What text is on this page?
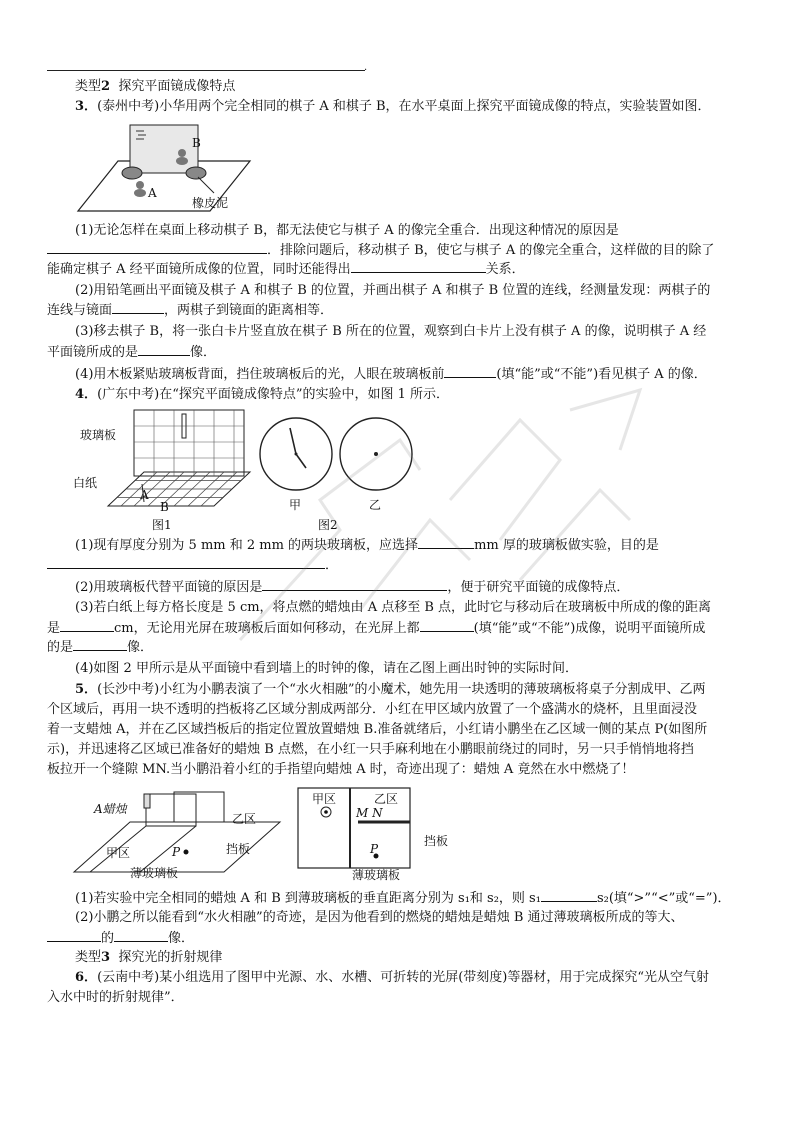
.
类型2 探究平面镜成像特点
3．(泰州中考)小华用两个完全相同的棋子 A 和棋子 B，在水平桌面上探究平面镜成像的特点，实验装置如图．
B
A
橡皮泥
(1)无论怎样在桌面上移动棋子 B，都无法使它与棋子 A 的像完全重合．出现这种情况的原因是
．排除问题后，移动棋子 B，使它与棋子 A 的像完全重合，这样做的目的除了
能确定棋子 A 经平面镜所成像的位置，同时还能得出	关系．
(2)用铅笔画出平面镜及棋子 A 和棋子 B 的位置，并画出棋子 A 和棋子 B 位置的连线，经测量发现：两棋子的
连线与镜面	，两棋子到镜面的距离相等．
(3)移去棋子 B，将一张白卡片竖直放在棋子 B 所在的位置，观察到白卡片上没有棋子 A 的像，说明棋子 A 经
平面镜所成的是	像．
(4)用木板紧贴玻璃板背面，挡住玻璃板后的光，人眼在玻璃板前	(填“能”或“不能”)看见棋子 A 的像．
4．(广东中考)在“探究平面镜成像特点”的实验中，如图 1 所示．
玻璃板
白纸
A
B
图1
甲	乙
图2
(1)现有厚度分别为 5 mm 和 2 mm 的两块玻璃板，应选择	mm 厚的玻璃板做实验，目的是
．
(2)用玻璃板代替平面镜的原因是	，便于研究平面镜的成像特点．
(3)若白纸上每方格长度是 5 cm，将点燃的蜡烛由 A 点移至 B 点，此时它与移动后在玻璃板中所成的像的距离
是	cm，无论用光屏在玻璃板后面如何移动，在光屏上都	(填“能”或“不能”)成像，说明平面镜所成
的是	像．
(4)如图 2 甲所示是从平面镜中看到墙上的时钟的像，请在乙图上画出时钟的实际时间．
5．(长沙中考)小红为小鹏表演了一个“水火相融”的小魔术，她先用一块透明的薄玻璃板将桌子分割成甲、乙两
个区域后，再用一块不透明的挡板将乙区域分割成两部分．小红在甲区域内放置了一个盛满水的烧杯，且里面浸没
着一支蜡烛 A，并在乙区域挡板后的指定位置放置蜡烛 B.准备就绪后，小红请小鹏坐在乙区域一侧的某点 P(如图所
示)，并迅速将乙区域已准备好的蜡烛 B 点燃，在小红一只手麻利地在小鹏眼前绕过的同时，另一只手悄悄地将挡
板拉开一个缝隙 MN.当小鹏沿着小红的手指望向蜡烛 A 时，奇迹出现了：蜡烛 A 竟然在水中燃烧了！
A蜡烛
乙区
甲区	P	挡板
薄玻璃板
甲区	乙区
M N
挡板
P
薄玻璃板
(1)若实验中完全相同的蜡烛 A 和 B 到薄玻璃板的垂直距离分别为 s₁和 s₂，则 s₁	s₂(填“>”“<”或“=”)．
(2)小鹏之所以能看到“水火相融”的奇迹，是因为他看到的燃烧的蜡烛是蜡烛 B 通过薄玻璃板所成的等大、
的	像．
类型3 探究光的折射规律
6．(云南中考)某小组选用了图甲中光源、水、水槽、可折转的光屏(带刻度)等器材，用于完成探究“光从空气射
入水中时的折射规律”．
